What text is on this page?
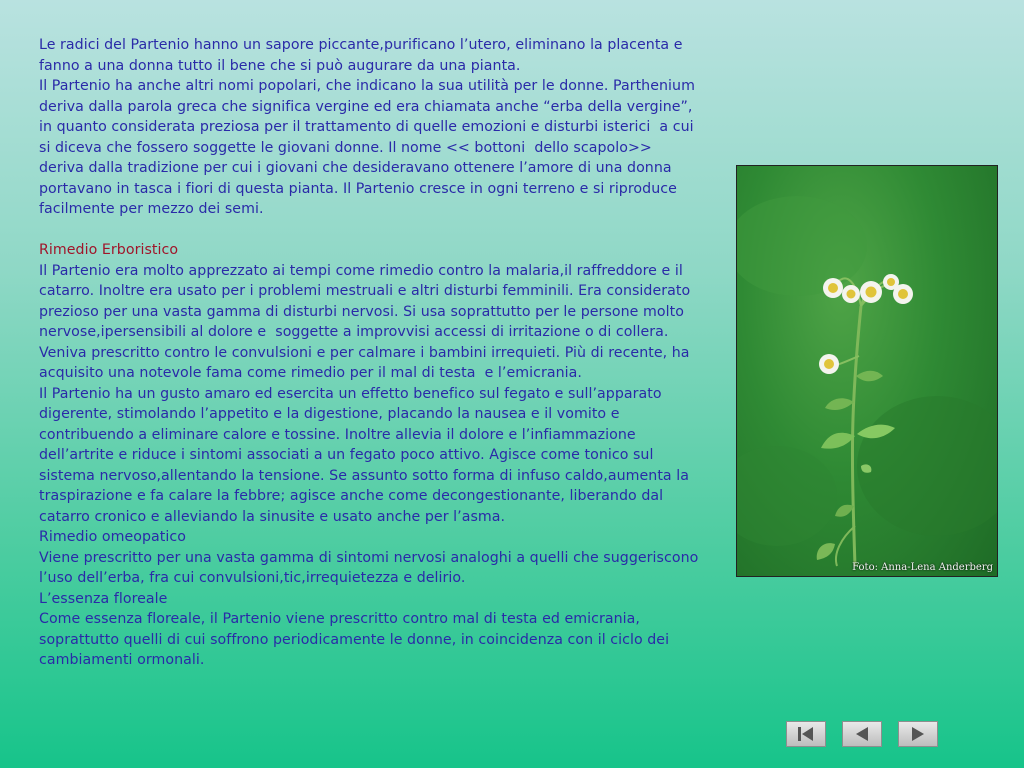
Le radici del Partenio hanno un sapore piccante,purificano l’utero, eliminano la placenta e fanno a una donna tutto il bene che si può augurare da una pianta.

Il Partenio ha anche altri nomi popolari, che indicano la sua utilità per le donne. Parthenium deriva dalla parola greca che significa vergine ed era chiamata anche “erba della vergine”, in quanto considerata preziosa per il trattamento di quelle emozioni e disturbi isterici  a cui si diceva che fossero soggette le giovani donne. Il nome << bottoni  dello scapolo>> deriva dalla tradizione per cui i giovani che desideravano ottenere l’amore di una donna portavano in tasca i fiori di questa pianta. Il Partenio cresce in ogni terreno e si riproduce facilmente per mezzo dei semi.

Rimedio Erboristico

Il Partenio era molto apprezzato ai tempi come rimedio contro la malaria,il raffreddore e il catarro. Inoltre era usato per i problemi mestruali e altri disturbi femminili. Era considerato prezioso per una vasta gamma di disturbi nervosi. Si usa soprattutto per le persone molto nervose,ipersensibili al dolore e  soggette a improvvisi accessi di irritazione o di collera. Veniva prescritto contro le convulsioni e per calmare i bambini irrequieti. Più di recente, ha acquisito una notevole fama come rimedio per il mal di testa  e l’emicrania.

Il Partenio ha un gusto amaro ed esercita un effetto benefico sul fegato e sull’apparato digerente, stimolando l’appetito e la digestione, placando la nausea e il vomito e contribuendo a eliminare calore e tossine. Inoltre allevia il dolore e l’infiammazione dell’artrite e riduce i sintomi associati a un fegato poco attivo. Agisce come tonico sul sistema nervoso,allentando la tensione. Se assunto sotto forma di infuso caldo,aumenta la traspirazione e fa calare la febbre; agisce anche come decongestionante, liberando dal catarro cronico e alleviando la sinusite e usato anche per l’asma.

Rimedio omeopatico

Viene prescritto per una vasta gamma di sintomi nervosi analoghi a quelli che suggeriscono l’uso dell’erba, fra cui convulsioni,tic,irrequietezza e delirio.

L’essenza floreale

Come essenza floreale, il Partenio viene prescritto contro mal di testa ed emicrania, soprattutto quelli di cui soffrono periodicamente le donne, in coincidenza con il ciclo dei cambiamenti ormonali.

Foto: Anna-Lena Anderberg
